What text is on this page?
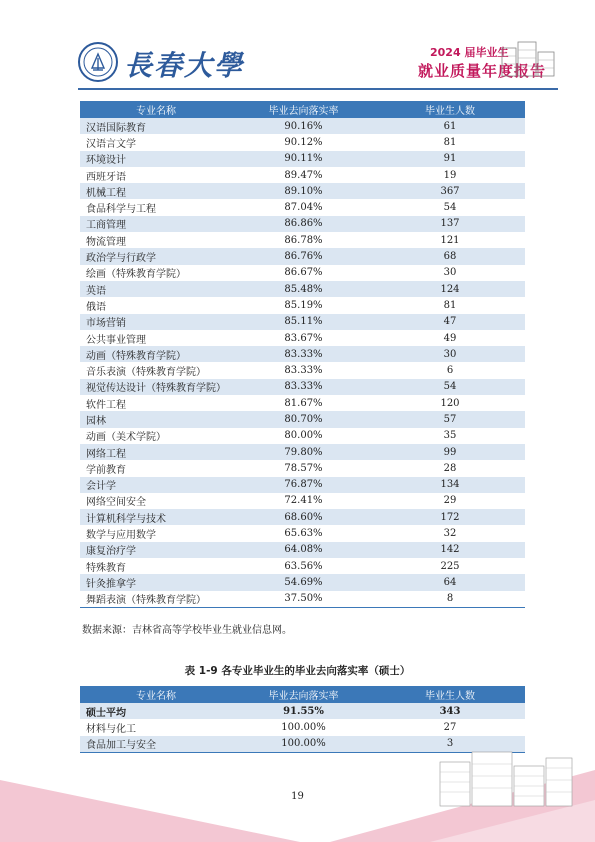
長春大學	2024 届毕业生
就业质量年度报告
专业名称	毕业去向落实率	毕业生人数
汉语国际教育	90.16%	61
汉语言文学	90.12%	81
环境设计	90.11%	91
西班牙语	89.47%	19
机械工程	89.10%	367
食品科学与工程	87.04%	54
工商管理	86.86%	137
物流管理	86.78%	121
政治学与行政学	86.76%	68
绘画（特殊教育学院）	86.67%	30
英语	85.48%	124
俄语	85.19%	81
市场营销	85.11%	47
公共事业管理	83.67%	49
动画（特殊教育学院）	83.33%	30
音乐表演（特殊教育学院）	83.33%	6
视觉传达设计（特殊教育学院）	83.33%	54
软件工程	81.67%	120
园林	80.70%	57
动画（美术学院）	80.00%	35
网络工程	79.80%	99
学前教育	78.57%	28
会计学	76.87%	134
网络空间安全	72.41%	29
计算机科学与技术	68.60%	172
数学与应用数学	65.63%	32
康复治疗学	64.08%	142
特殊教育	63.56%	225
针灸推拿学	54.69%	64
舞蹈表演（特殊教育学院）	37.50%	8
数据来源：吉林省高等学校毕业生就业信息网。
表 1-9 各专业毕业生的毕业去向落实率（硕士）
专业名称	毕业去向落实率	毕业生人数
硕士平均	91.55%	343
材料与化工	100.00%	27
食品加工与安全	100.00%	3
19
